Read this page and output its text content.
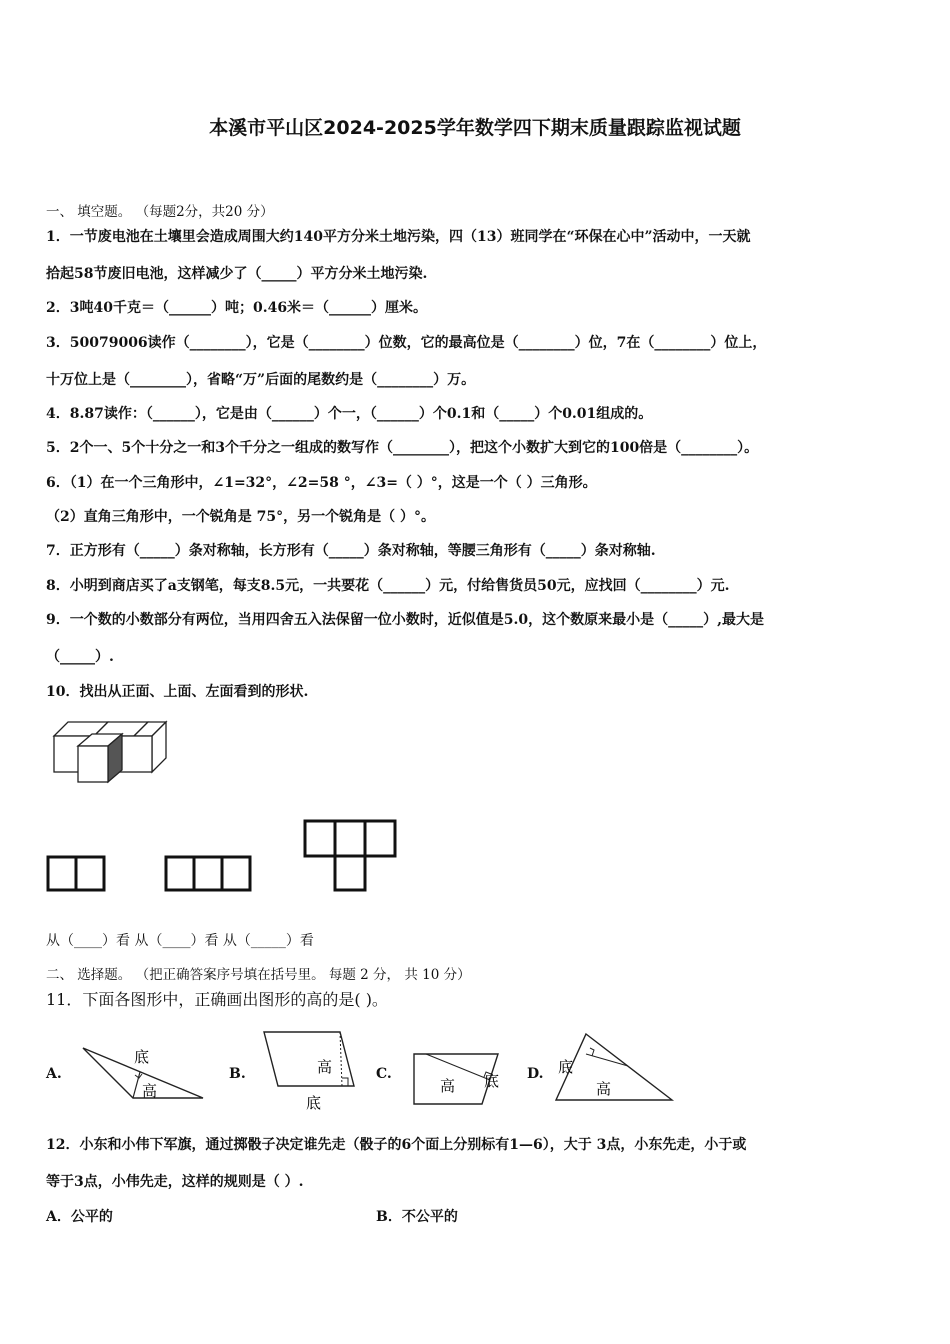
本溪市平山区2024-2025学年数学四下期末质量跟踪监视试题
一、 填空题。 （每题2分，共20 分）
1．一节废电池在土壤里会造成周围大约140平方分米土地污染，四（13）班同学在“环保在心中”活动中，一天就
拾起58节废旧电池，这样减少了（_____）平方分米土地污染.
2．3吨40千克＝（______）吨；0.46米＝（______）厘米。
3．50079006读作（________），它是（________）位数，它的最高位是（________）位，7在（________）位上，
十万位上是（________），省略“万”后面的尾数约是（________）万。
4．8.87读作：（______），它是由（______）个一，（______）个0.1和（_____）个0.01组成的。
5．2个一、5个十分之一和3个千分之一组成的数写作（________），把这个小数扩大到它的100倍是（________）。
6．（1）在一个三角形中，∠1=32°，∠2=58 °，∠3=（ ）°，这是一个（ ）三角形。
（2）直角三角形中，一个锐角是 75°，另一个锐角是（ ）°。
7．正方形有（_____）条对称轴，长方形有（_____）条对称轴，等腰三角形有（_____）条对称轴.
8．小明到商店买了a支钢笔，每支8.5元，一共要花（______）元，付给售货员50元，应找回（________）元.
9．一个数的小数部分有两位，当用四舍五入法保留一位小数时，近似值是5.0，这个数原来最小是（_____）,最大是
（_____）.
10．找出从正面、上面、左面看到的形状.
从（____）看 从（____）看 从（_____）看
二、 选择题。 （把正确答案序号填在括号里。 每题 2 分， 共 10 分）
11．下面各图形中，正确画出图形的高的是( )。
A.
底
高
B.	高
底
C.
高 底 D. 底
高
12．小东和小伟下军旗，通过掷骰子决定谁先走（骰子的6个面上分别标有1—6），大于 3点，小东先走，小于或
等于3点，小伟先走，这样的规则是（ ）.
A．公平的	B．不公平的
